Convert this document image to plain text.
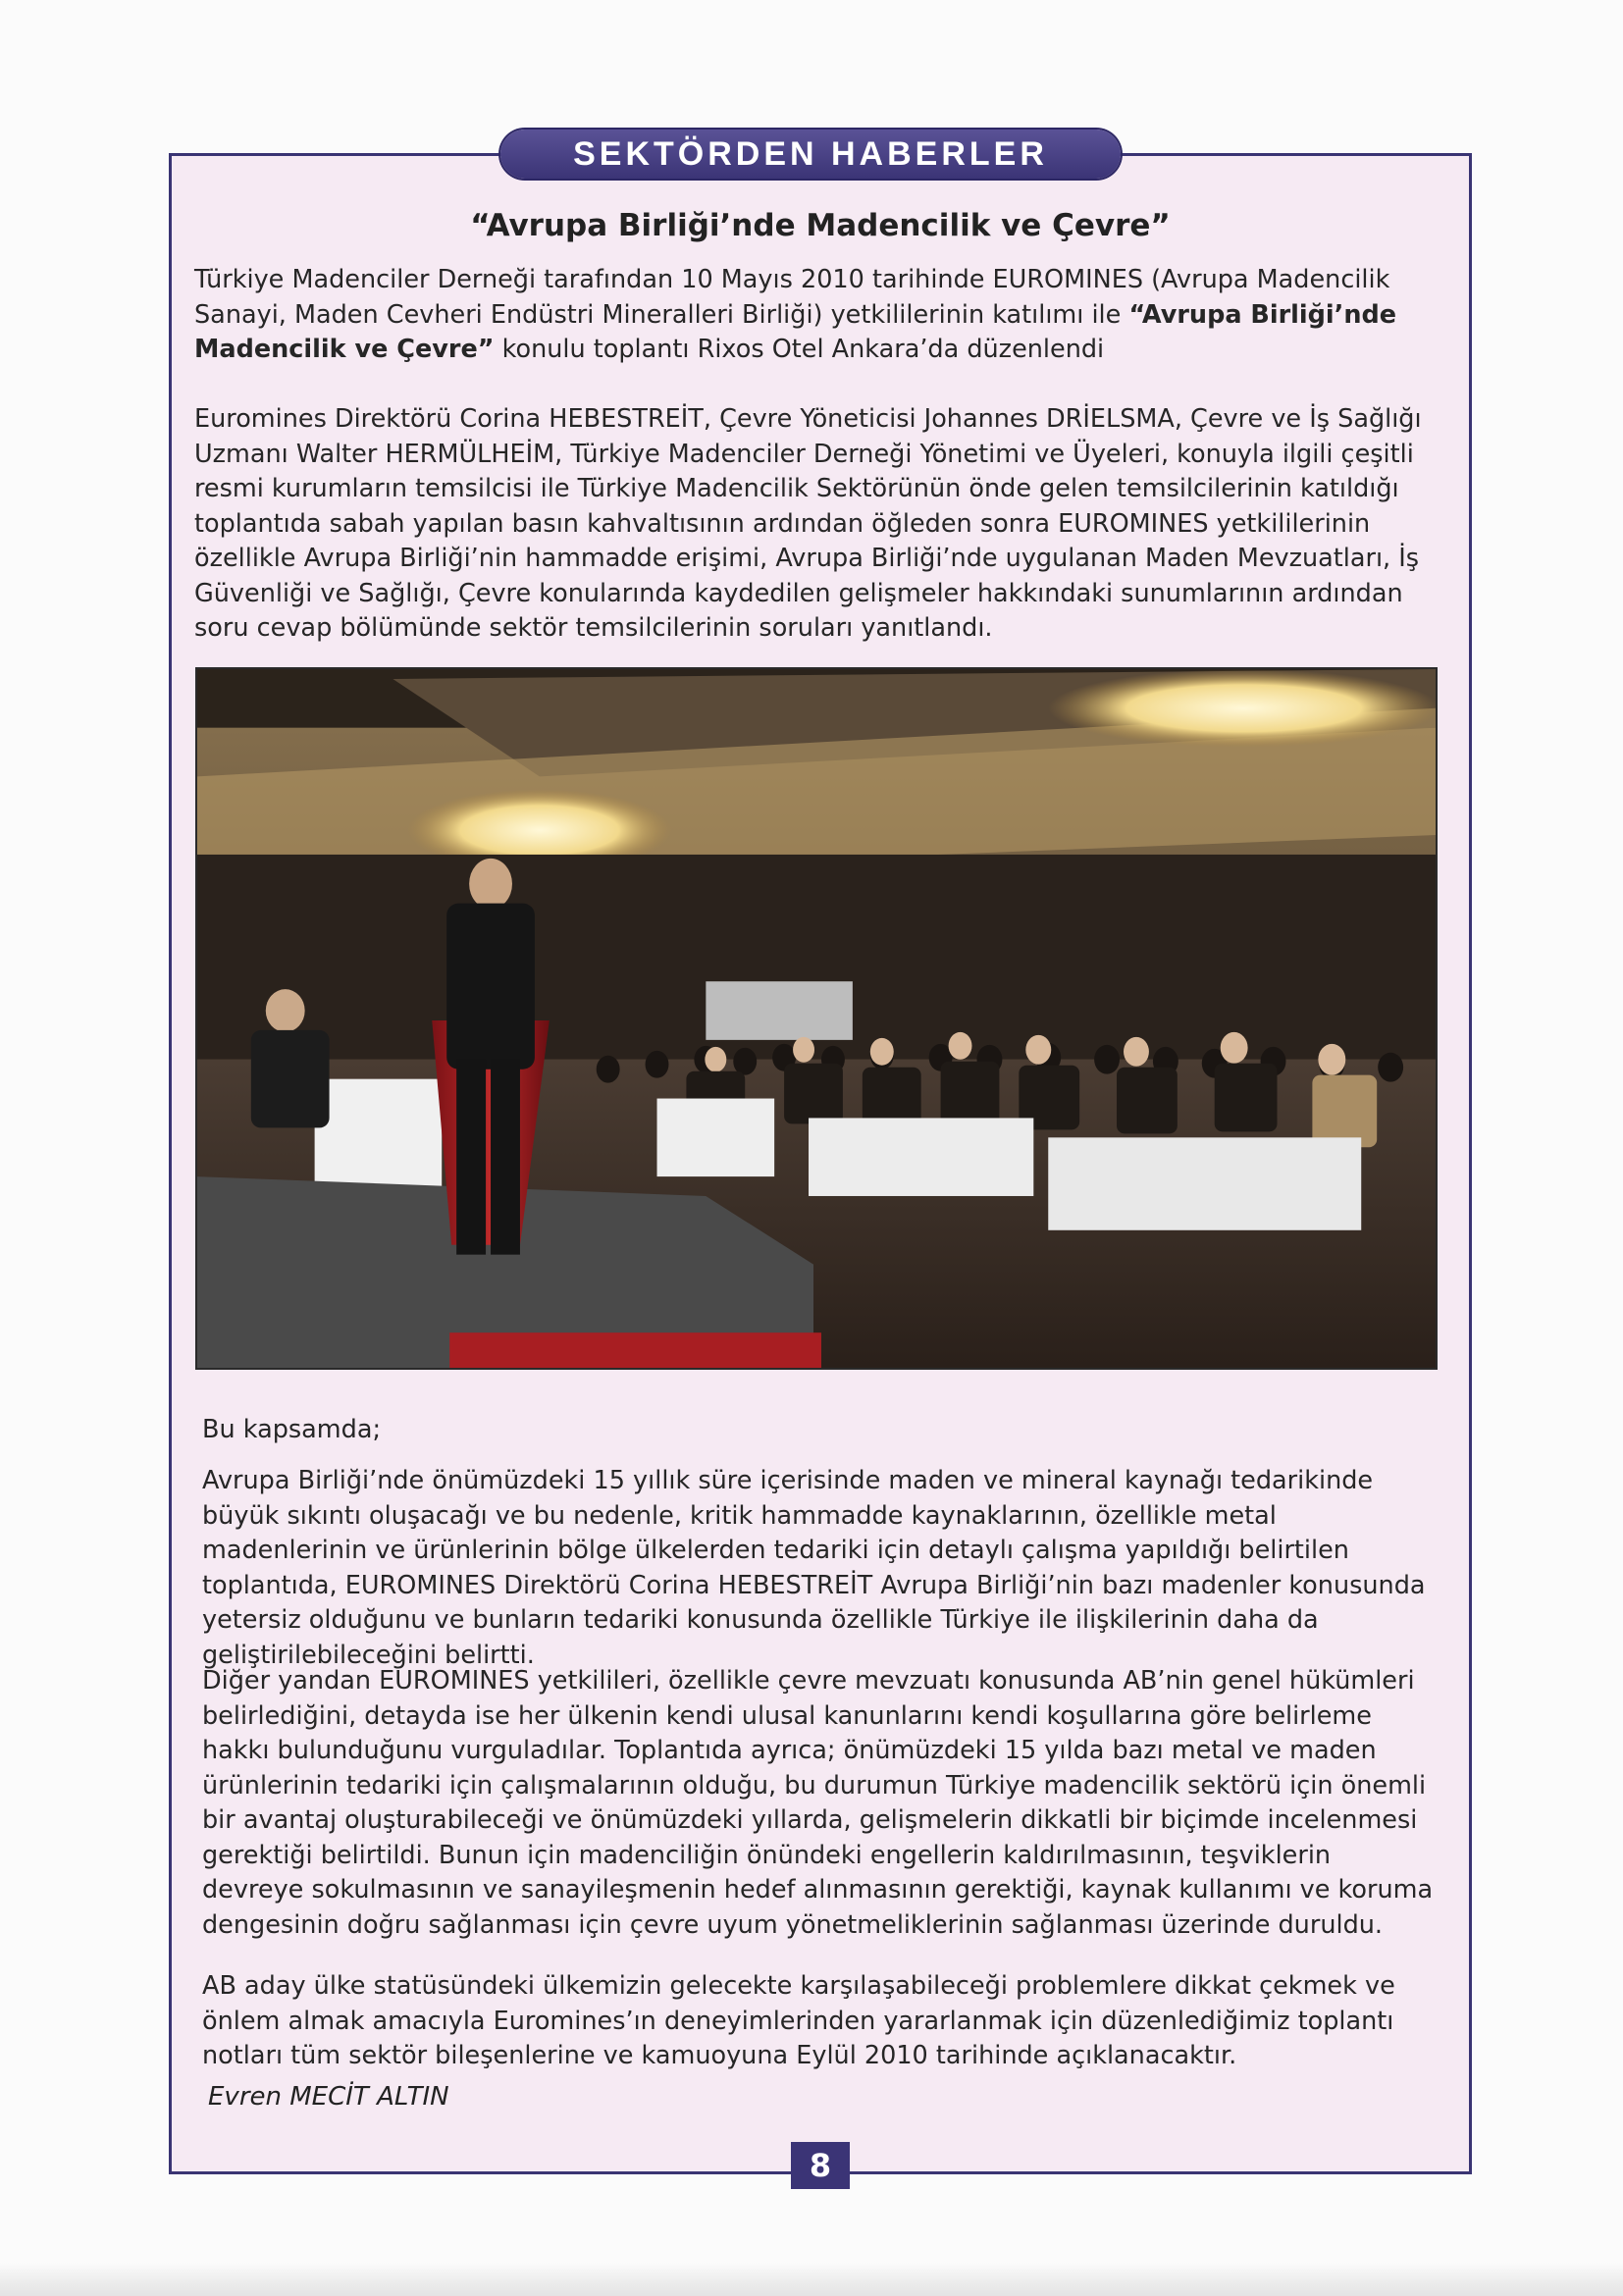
SEKTÖRDEN HABERLER
“Avrupa Birliği’nde Madencilik ve Çevre”

Türkiye Madenciler Derneği tarafından 10 Mayıs 2010 tarihinde EUROMINES (Avrupa Madencilik Sanayi, Maden Cevheri Endüstri Mineralleri Birliği) yetkililerinin katılımı ile “Avrupa Birliği’nde Madencilik ve Çevre” konulu toplantı Rixos Otel Ankara’da düzenlendi

Euromines Direktörü Corina HEBESTREİT, Çevre Yöneticisi Johannes DRİELSMA, Çevre ve İş Sağlığı Uzmanı Walter HERMÜLHEİM, Türkiye Madenciler Derneği Yönetimi ve Üyeleri, konuyla ilgili çeşitli resmi kurumların temsilcisi ile Türkiye Madencilik Sektörünün önde gelen temsilcilerinin katıldığı toplantıda sabah yapılan basın kahvaltısının ardından öğleden sonra EUROMINES yetkililerinin özellikle Avrupa Birliği’nin hammadde erişimi, Avrupa Birliği’nde uygulanan Maden Mevzuatları, İş Güvenliği ve Sağlığı, Çevre konularında kaydedilen gelişmeler hakkındaki sunumlarının ardından soru cevap bölümünde sektör temsilcilerinin soruları yanıtlandı.

Bu kapsamda;

Avrupa Birliği’nde önümüzdeki 15 yıllık süre içerisinde maden ve mineral kaynağı tedarikinde büyük sıkıntı oluşacağı ve bu nedenle, kritik hammadde kaynaklarının, özellikle metal madenlerinin ve ürünlerinin bölge ülkelerden tedariki için detaylı çalışma yapıldığı belirtilen toplantıda, EUROMINES Direktörü Corina HEBESTREİT Avrupa Birliği’nin bazı madenler konusunda yetersiz olduğunu ve bunların tedariki konusunda özellikle Türkiye ile ilişkilerinin daha da geliştirilebileceğini belirtti.

Diğer yandan EUROMINES yetkilileri, özellikle çevre mevzuatı konusunda AB’nin genel hükümleri belirlediğini, detayda ise her ülkenin kendi ulusal kanunlarını kendi koşullarına göre belirleme hakkı bulunduğunu vurguladılar. Toplantıda ayrıca; önümüzdeki 15 yılda bazı metal ve maden ürünlerinin tedariki için çalışmalarının olduğu, bu durumun Türkiye madencilik sektörü için önemli bir avantaj oluşturabileceği ve önümüzdeki yıllarda, gelişmelerin dikkatli bir biçimde incelenmesi gerektiği belirtildi. Bunun için madenciliğin önündeki engellerin kaldırılmasının, teşviklerin devreye sokulmasının ve sanayileşmenin hedef alınmasının gerektiği, kaynak kullanımı ve koruma dengesinin doğru sağlanması için çevre uyum yönetmeliklerinin sağlanması üzerinde duruldu.

AB aday ülke statüsündeki ülkemizin gelecekte karşılaşabileceği problemlere dikkat çekmek ve önlem almak amacıyla Euromines’ın deneyimlerinden yararlanmak için düzenlediğimiz toplantı notları tüm sektör bileşenlerine ve kamuoyuna Eylül 2010 tarihinde açıklanacaktır.

Evren MECİT ALTIN
8
